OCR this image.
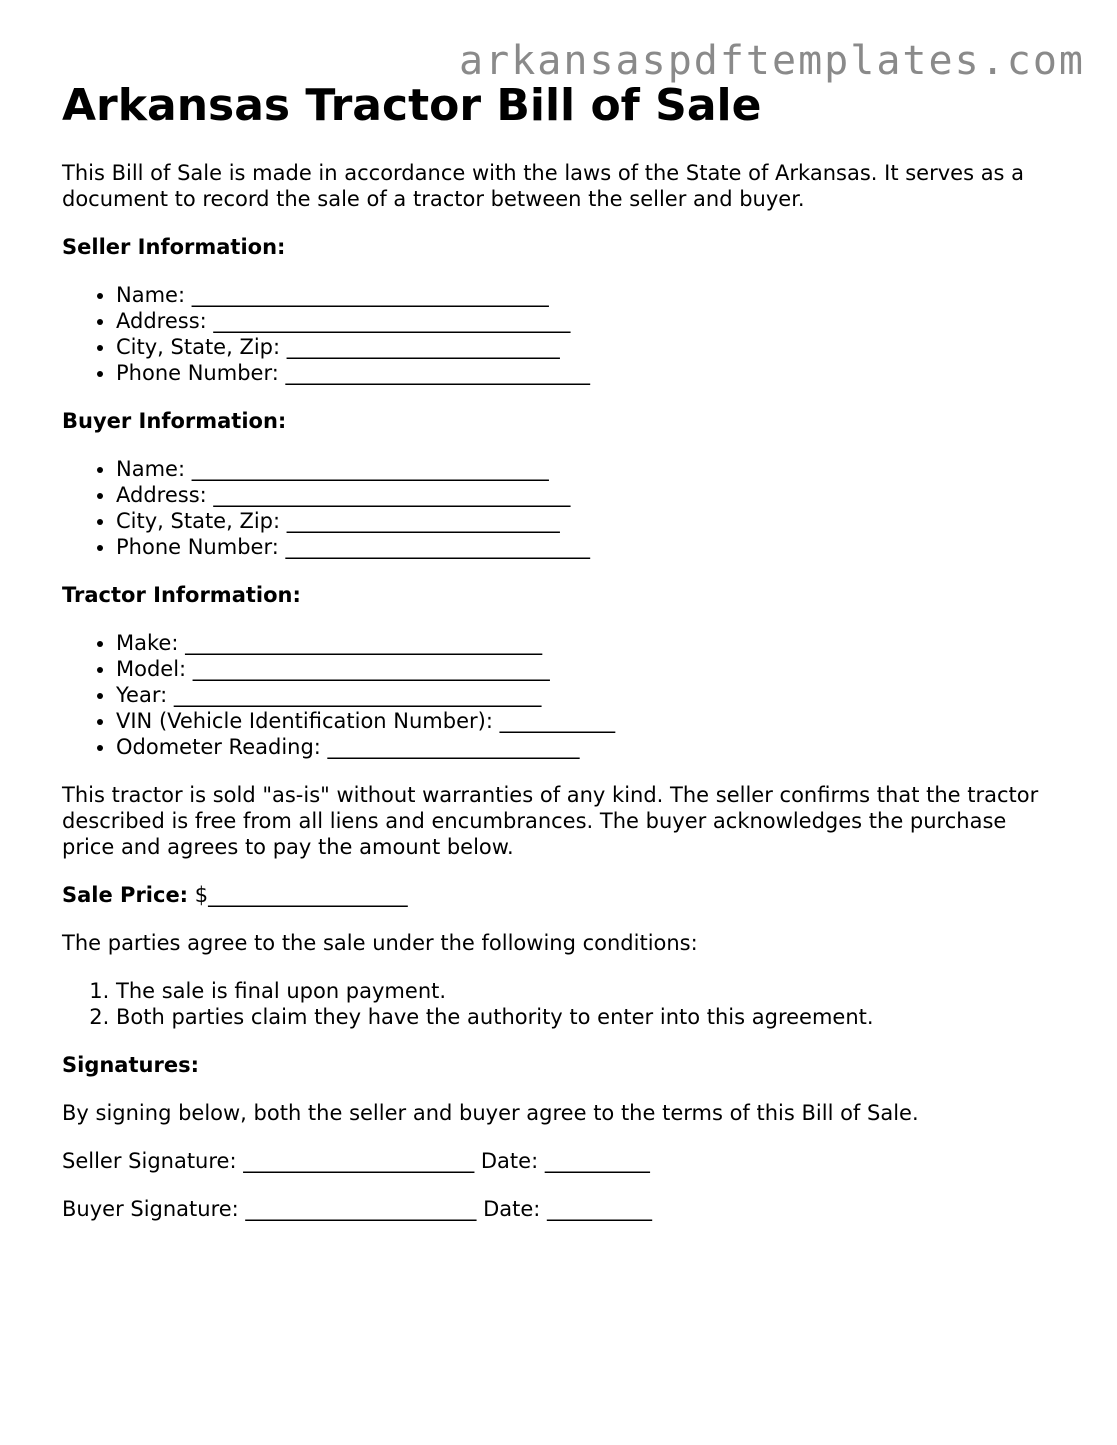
arkansaspdftemplates.com
Arkansas Tractor Bill of Sale

This Bill of Sale is made in accordance with the laws of the State of Arkansas. It serves as a document to record the sale of a tractor between the seller and buyer.

Seller Information:
• Name: __________________________________
• Address: __________________________________
• City, State, Zip: __________________________
• Phone Number: _____________________________
Buyer Information:
• Name: __________________________________
• Address: __________________________________
• City, State, Zip: __________________________
• Phone Number: _____________________________
Tractor Information:
• Make: __________________________________
• Model: __________________________________
• Year: ___________________________________
• VIN (Vehicle Identification Number): ___________
• Odometer Reading: ________________________

This tractor is sold "as-is" without warranties of any kind. The seller confirms that the tractor described is free from all liens and encumbrances. The buyer acknowledges the purchase price and agrees to pay the amount below.

Sale Price: $___________________

The parties agree to the sale under the following conditions:

1. The sale is final upon payment.
2. Both parties claim they have the authority to enter into this agreement.
Signatures:

By signing below, both the seller and buyer agree to the terms of this Bill of Sale.

Seller Signature: ______________________ Date: __________

Buyer Signature: ______________________ Date: __________
